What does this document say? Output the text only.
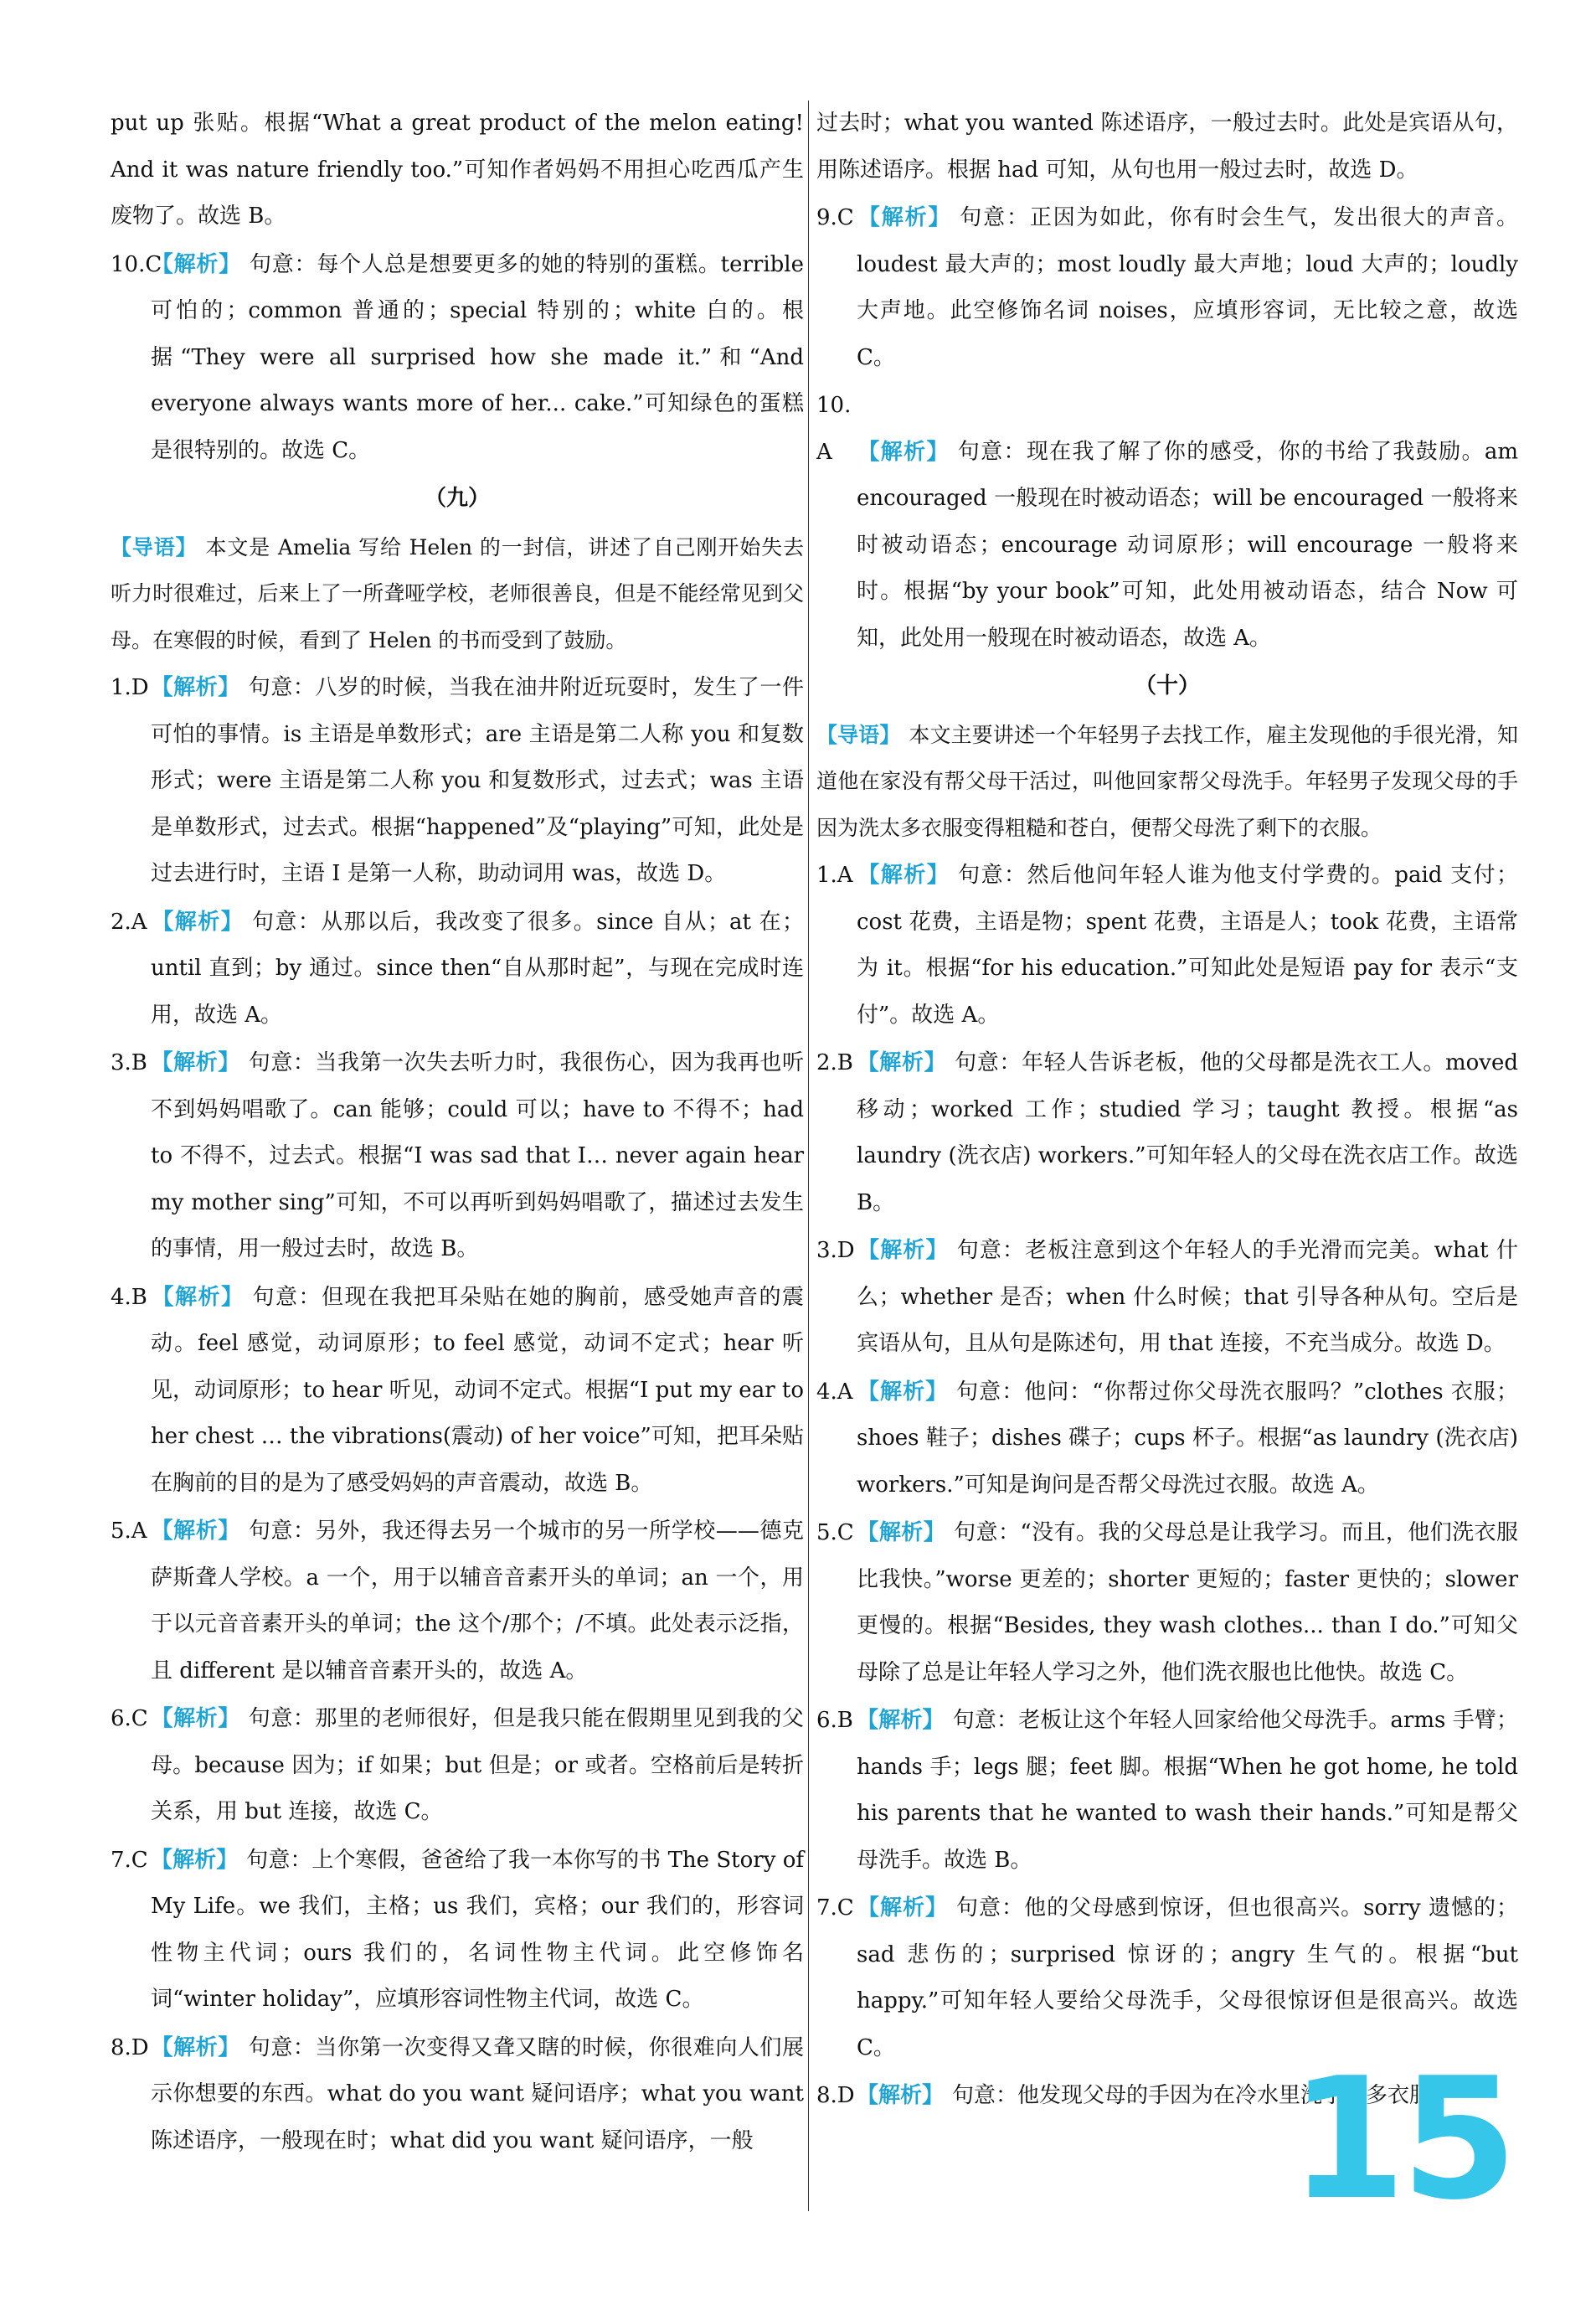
put up 张贴。根据“What a great product of the melon eating! And it was nature friendly too.”可知作者妈妈不用担心吃西瓜产生废物了。故选 B。

10.C【解析】 句意：每个人总是想要更多的她的特别的蛋糕。terrible 可怕的；common 普通的；special 特别的；white 白的。根据“They were all surprised how she made it.”和“And everyone always wants more of her... cake.”可知绿色的蛋糕是很特别的。故选 C。

（九）

【导语】 本文是 Amelia 写给 Helen 的一封信，讲述了自己刚开始失去听力时很难过，后来上了一所聋哑学校，老师很善良，但是不能经常见到父母。在寒假的时候，看到了 Helen 的书而受到了鼓励。

1.D【解析】 句意：八岁的时候，当我在油井附近玩耍时，发生了一件可怕的事情。is 主语是单数形式；are 主语是第二人称 you 和复数形式；were 主语是第二人称 you 和复数形式，过去式；was 主语是单数形式，过去式。根据“happened”及“playing”可知，此处是过去进行时，主语 I 是第一人称，助动词用 was，故选 D。

2.A 【解析】 句意：从那以后，我改变了很多。since 自从；at 在；until 直到；by 通过。since then“自从那时起”，与现在完成时连用，故选 A。

3.B 【解析】 句意：当我第一次失去听力时，我很伤心，因为我再也听不到妈妈唱歌了。can 能够；could 可以；have to 不得不；had to 不得不，过去式。根据“I was sad that I… never again hear my mother sing”可知，不可以再听到妈妈唱歌了，描述过去发生的事情，用一般过去时，故选 B。

4.B 【解析】 句意：但现在我把耳朵贴在她的胸前，感受她声音的震动。feel 感觉，动词原形；to feel 感觉，动词不定式；hear 听见，动词原形；to hear 听见，动词不定式。根据“I put my ear to her chest … the vibrations(震动) of her voice”可知，把耳朵贴在胸前的目的是为了感受妈妈的声音震动，故选 B。

5.A 【解析】 句意：另外，我还得去另一个城市的另一所学校——德克萨斯聋人学校。a 一个，用于以辅音音素开头的单词；an 一个，用于以元音音素开头的单词；the 这个/那个；/不填。此处表示泛指，且 different 是以辅音音素开头的，故选 A。

6.C 【解析】 句意：那里的老师很好，但是我只能在假期里见到我的父母。because 因为；if 如果；but 但是；or 或者。空格前后是转折关系，用 but 连接，故选 C。

7.C 【解析】 句意：上个寒假，爸爸给了我一本你写的书 The Story of My Life。we 我们，主格；us 我们，宾格；our 我们的，形容词性物主代词；ours 我们的，名词性物主代词。此空修饰名词“winter holiday”，应填形容词性物主代词，故选 C。

8.D【解析】 句意：当你第一次变得又聋又瞎的时候，你很难向人们展示你想要的东西。what do you want 疑问语序；what you want 陈述语序，一般现在时；what did you want 疑问语序，一般

过去时；what you wanted 陈述语序，一般过去时。此处是宾语从句，用陈述语序。根据 had 可知，从句也用一般过去时，故选 D。

9.C 【解析】 句意：正因为如此，你有时会生气，发出很大的声音。loudest 最大声的；most loudly 最大声地；loud 大声的；loudly 大声地。此空修饰名词 noises，应填形容词，无比较之意，故选 C。

10. A 【解析】 句意：现在我了解了你的感受，你的书给了我鼓励。am encouraged 一般现在时被动语态；will be encouraged 一般将来时被动语态；encourage 动词原形；will encourage 一般将来时。根据“by your book”可知，此处用被动语态，结合 Now 可知，此处用一般现在时被动语态，故选 A。

（十）

【导语】 本文主要讲述一个年轻男子去找工作，雇主发现他的手很光滑，知道他在家没有帮父母干活过，叫他回家帮父母洗手。年轻男子发现父母的手因为洗太多衣服变得粗糙和苍白，便帮父母洗了剩下的衣服。

1.A 【解析】 句意：然后他问年轻人谁为他支付学费的。paid 支付；cost 花费，主语是物；spent 花费，主语是人；took 花费，主语常为 it。根据“for his education.”可知此处是短语 pay for 表示“支付”。故选 A。

2.B 【解析】 句意：年轻人告诉老板，他的父母都是洗衣工人。moved 移动；worked 工作；studied 学习；taught 教授。根据“as laundry (洗衣店) workers.”可知年轻人的父母在洗衣店工作。故选 B。

3.D【解析】 句意：老板注意到这个年轻人的手光滑而完美。what 什么；whether 是否；when 什么时候；that 引导各种从句。空后是宾语从句，且从句是陈述句，用 that 连接，不充当成分。故选 D。

4.A 【解析】 句意：他问：“你帮过你父母洗衣服吗？”clothes 衣服；shoes 鞋子；dishes 碟子；cups 杯子。根据“as laundry (洗衣店) workers.”可知是询问是否帮父母洗过衣服。故选 A。

5.C 【解析】 句意：“没有。我的父母总是让我学习。而且，他们洗衣服比我快。”worse 更差的；shorter 更短的；faster 更快的；slower 更慢的。根据“Besides, they wash clothes... than I do.”可知父母除了总是让年轻人学习之外，他们洗衣服也比他快。故选 C。

6.B 【解析】 句意：老板让这个年轻人回家给他父母洗手。arms 手臂；hands 手；legs 腿；feet 脚。根据“When he got home, he told his parents that he wanted to wash their hands.”可知是帮父母洗手。故选 B。

7.C 【解析】 句意：他的父母感到惊讶，但也很高兴。sorry 遗憾的；sad 悲伤的；surprised 惊讶的；angry 生气的。根据“but happy.”可知年轻人要给父母洗手，父母很惊讶但是很高兴。故选 C。

8.D【解析】 句意：他发现父母的手因为在冷水里洗了很多衣服

15
